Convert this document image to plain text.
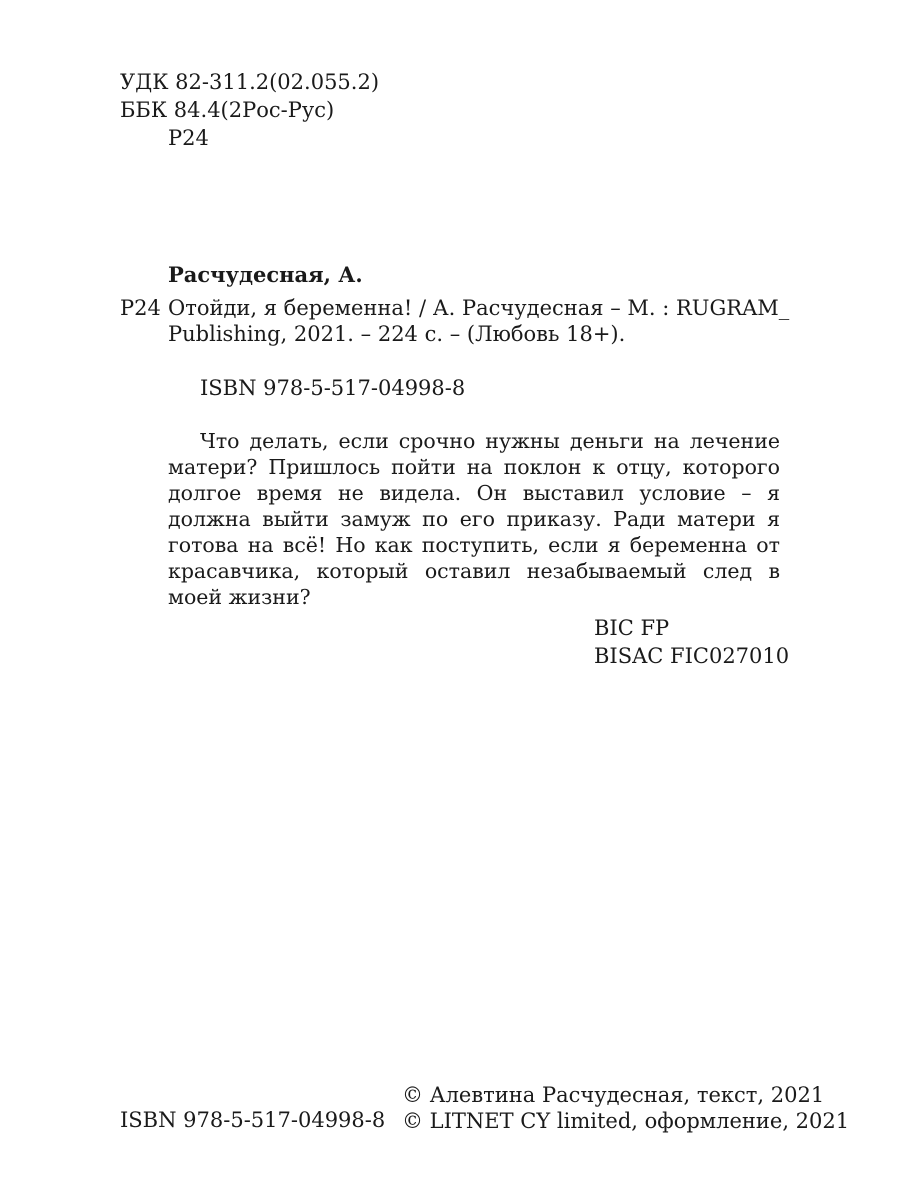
УДК 82-311.2(02.055.2)
ББК 84.4(2Рос-Рус)
Р24
Расчудесная, А.
Р24 Отойди, я беременна! / А. Расчудесная – М. : RUGRAM_
Publishing, 2021. – 224 с. – (Любовь 18+).
ISBN 978-5-517-04998-8
Что делать, если срочно нужны деньги на лечение матери? Пришлось пойти на поклон к отцу, которого долгое время не видела. Он выставил условие – я должна выйти замуж по его приказу. Ради матери я готова на всё! Но как поступить, если я беременна от красавчика, который оставил незабываемый след в моей жизни?
BIC FP
BISAC FIC027010
ISBN 978-5-517-04998-8
© Алевтина Расчудесная, текст, 2021
© LITNET CY limited, оформление, 2021
